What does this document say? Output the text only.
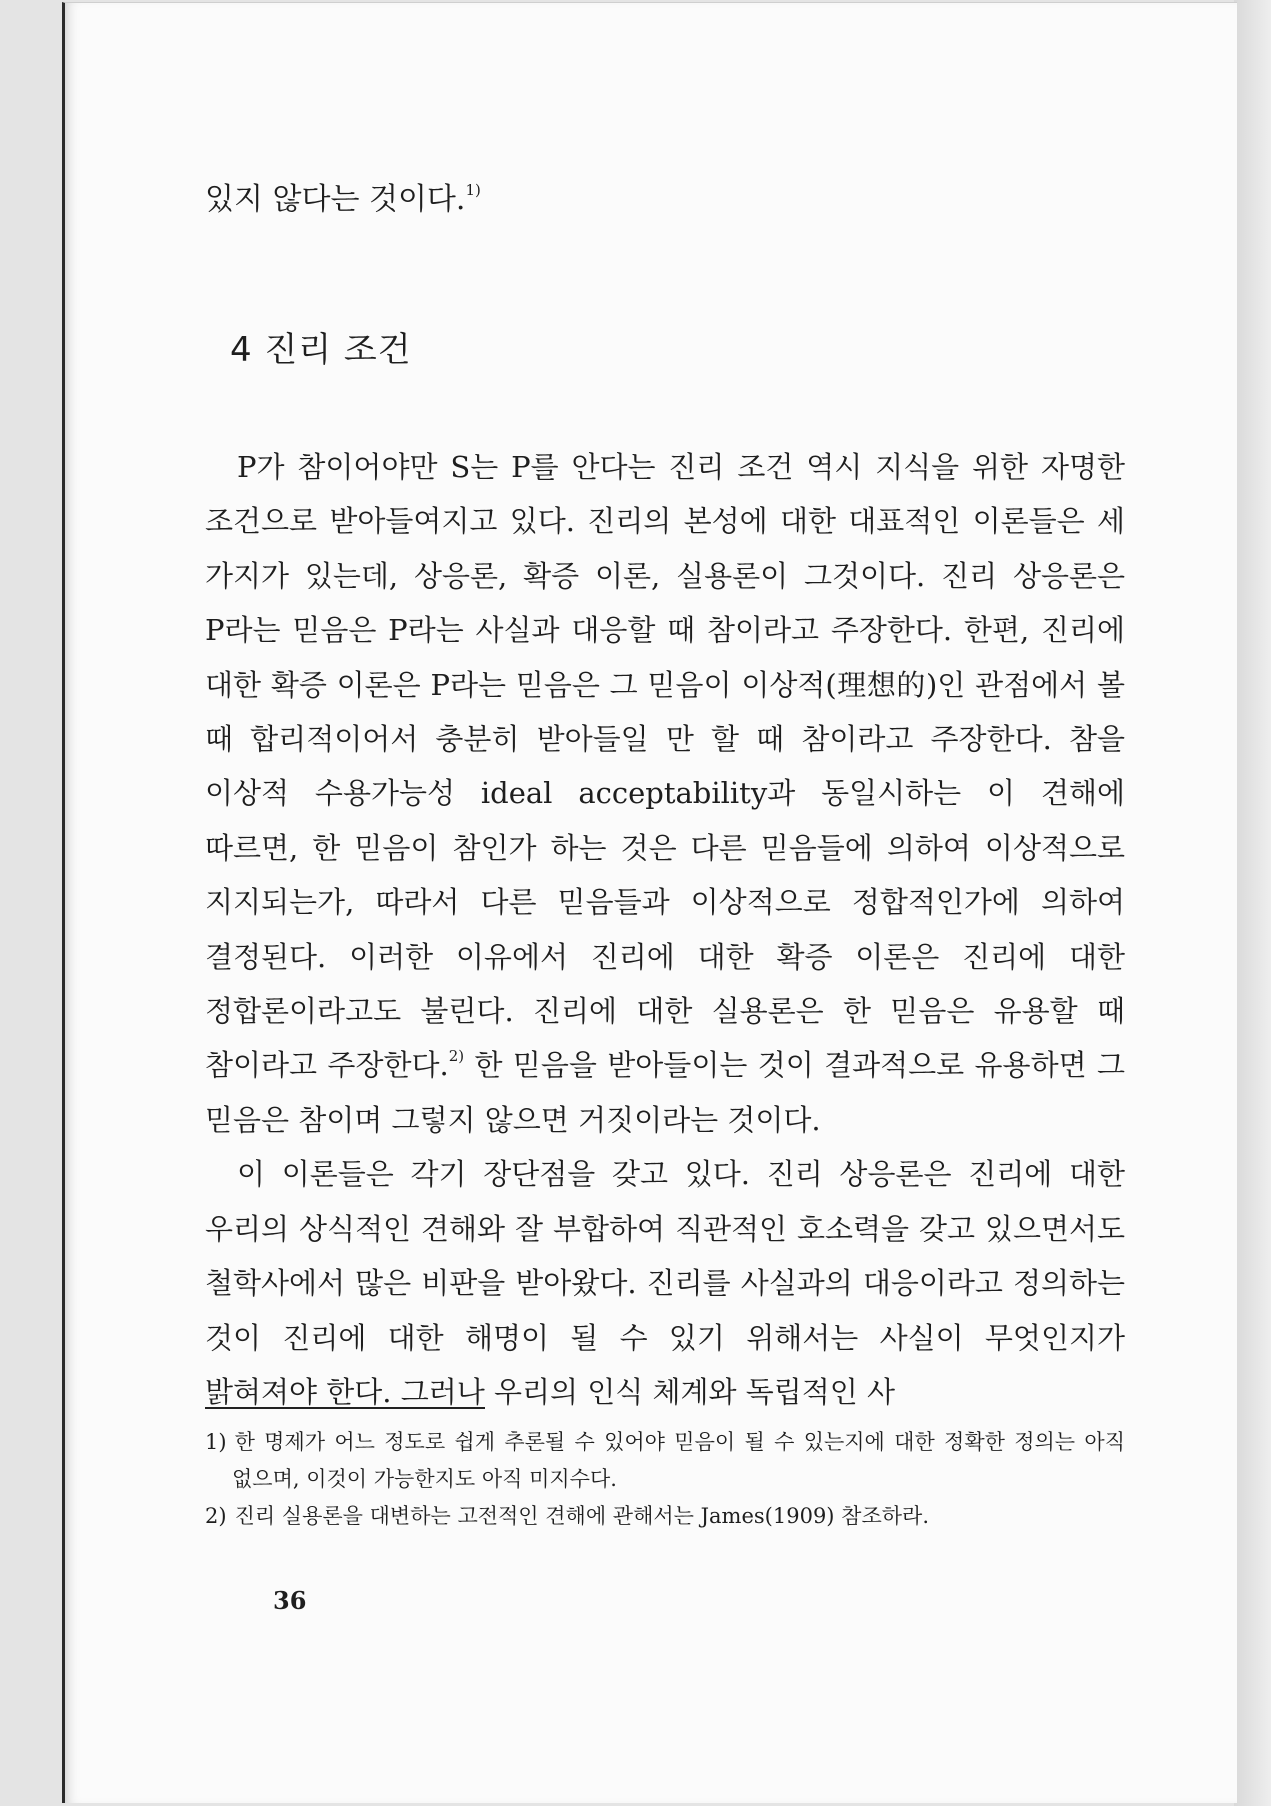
있지 않다는 것이다.$^{1)}$
4 진리 조건

P가 참이어야만 S는 P를 안다는 진리 조건 역시 지식을 위한 자명한 조건으로 받아들여지고 있다. 진리의 본성에 대한 대표적인 이론들은 세 가지가 있는데, 상응론, 확증 이론, 실용론이 그것이다. 진리 상응론은 P라는 믿음은 P라는 사실과 대응할 때 참이라고 주장한다. 한편, 진리에 대한 확증 이론은 P라는 믿음은 그 믿음이 이상적(理想的)인 관점에서 볼 때 합리적이어서 충분히 받아들일 만 할 때 참이라고 주장한다. 참을 이상적 수용가능성 ideal acceptability과 동일시하는 이 견해에 따르면, 한 믿음이 참인가 하는 것은 다른 믿음들에 의하여 이상적으로 지지되는가, 따라서 다른 믿음들과 이상적으로 정합적인가에 의하여 결정된다. 이러한 이유에서 진리에 대한 확증 이론은 진리에 대한 정합론이라고도 불린다. 진리에 대한 실용론은 한 믿음은 유용할 때 참이라고 주장한다.$^{2)}$ 한 믿음을 받아들이는 것이 결과적으로 유용하면 그 믿음은 참이며 그렇지 않으면 거짓이라는 것이다.

이 이론들은 각기 장단점을 갖고 있다. 진리 상응론은 진리에 대한 우리의 상식적인 견해와 잘 부합하여 직관적인 호소력을 갖고 있으면서도 철학사에서 많은 비판을 받아왔다. 진리를 사실과의 대응이라고 정의하는 것이 진리에 대한 해명이 될 수 있기 위해서는 사실이 무엇인지가 밝혀져야 한다. 그러나 우리의 인식 체계와 독립적인 사

1) 한 명제가 어느 정도로 쉽게 추론될 수 있어야 믿음이 될 수 있는지에 대한 정확한 정의는 아직 없으며, 이것이 가능한지도 아직 미지수다.
2) 진리 실용론을 대변하는 고전적인 견해에 관해서는 James(1909) 참조하라.
36
